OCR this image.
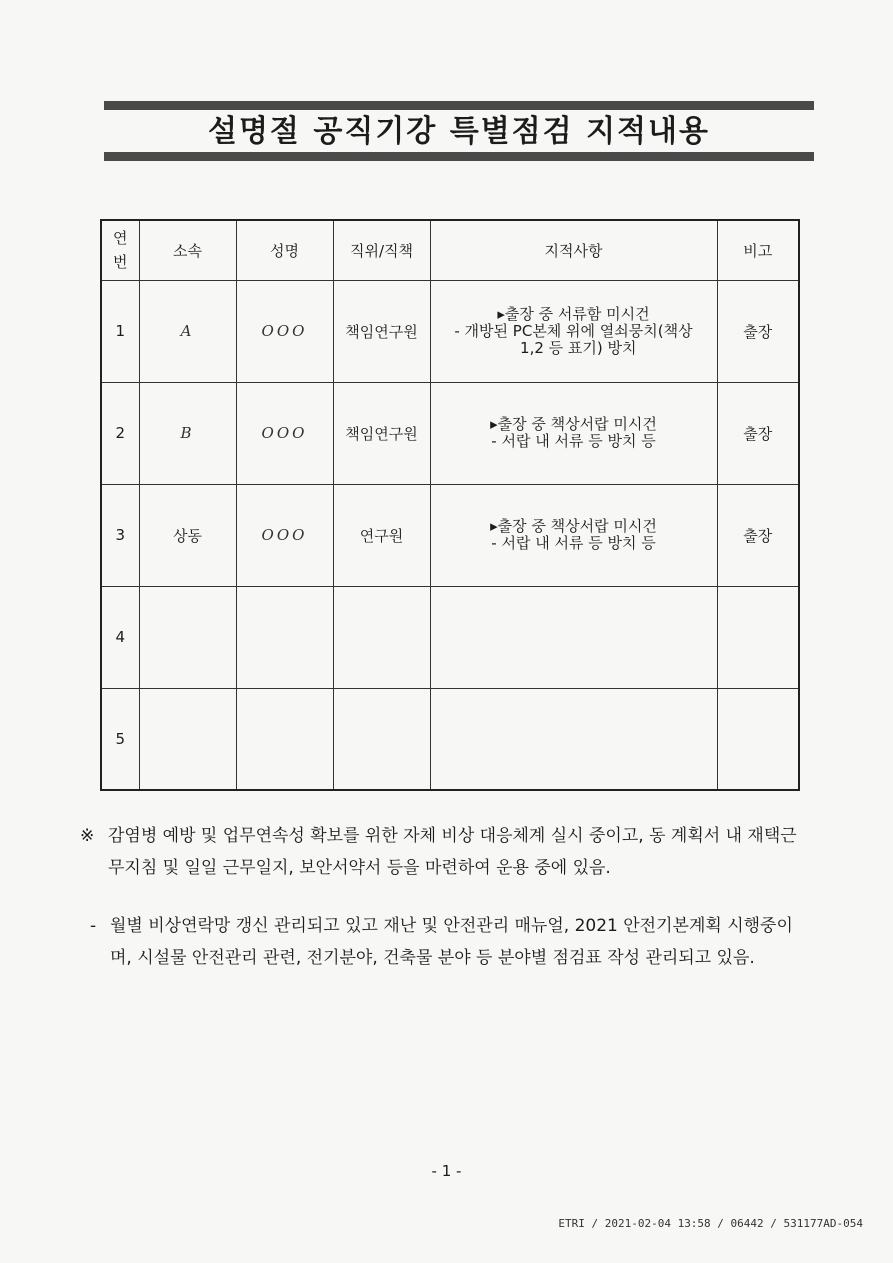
설명절 공직기강 특별점검 지적내용
연
번	소속	성명	직위/직책	지적사항	비고
1	A	OOO	책임연구원	▸출장 중 서류함 미시건
- 개방된 PC본체 위에 열쇠뭉치(책상
1,2 등 표기) 방치	출장
2	B	OOO	책임연구원	▸출장 중 책상서랍 미시건
- 서랍 내 서류 등 방치 등	출장
3	상동	OOO	연구원	▸출장 중 책상서랍 미시건
- 서랍 내 서류 등 방치 등	출장
4					
5					
※ 감염병 예방 및 업무연속성 확보를 위한 자체 비상 대응체계 실시 중이고, 동 계획서 내 재택근무지침 및 일일 근무일지, 보안서약서 등을 마련하여 운용 중에 있음.
- 월별 비상연락망 갱신 관리되고 있고 재난 및 안전관리 매뉴얼, 2021 안전기본계획 시행중이며, 시설물 안전관리 관련, 전기분야, 건축물 분야 등 분야별 점검표 작성 관리되고 있음.
- 1 -
ETRI / 2021-02-04 13:58 / 06442 / 531177AD-054
